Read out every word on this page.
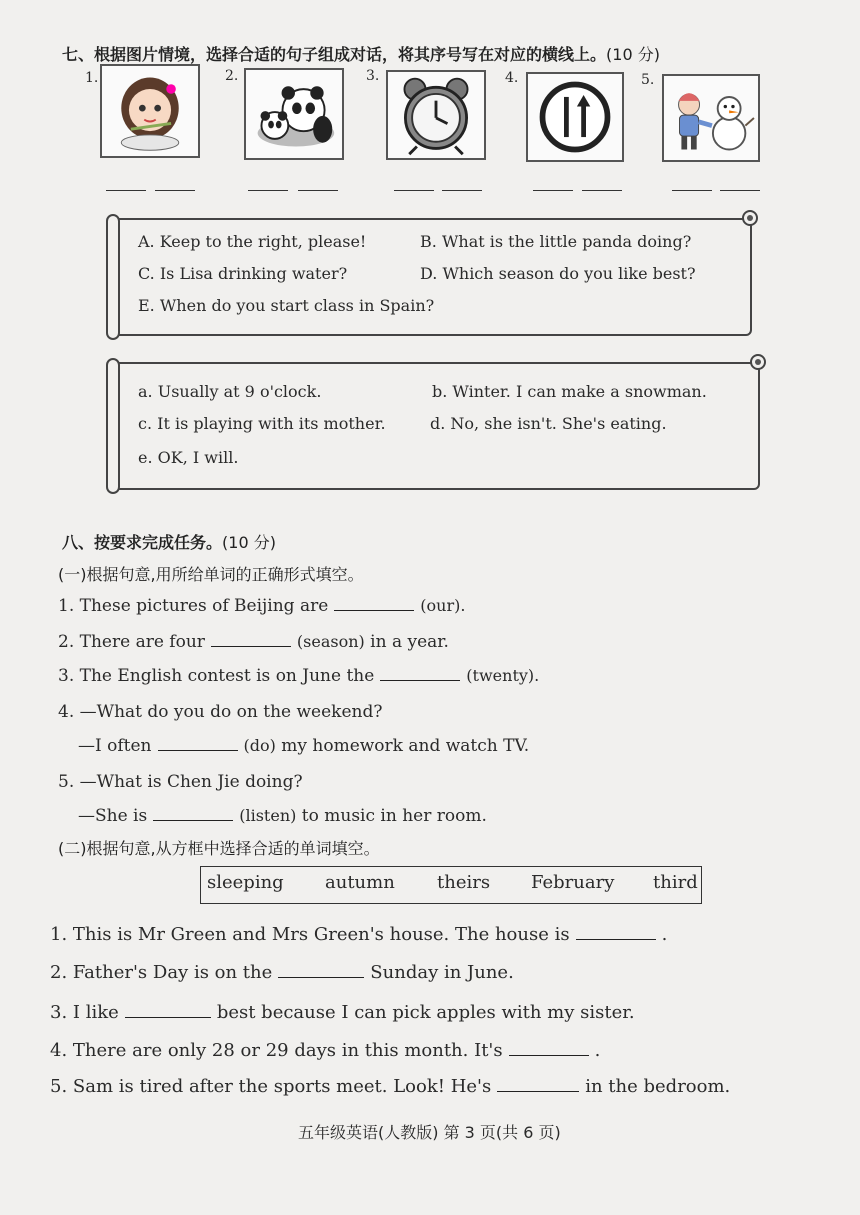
七、根据图片情境，选择合适的句子组成对话，将其序号写在对应的横线上。(10 分)
1.	2.	3.	4.	5.
A. Keep to the right, please!	B. What is the little panda doing?
C. Is Lisa drinking water?	D. Which season do you like best?
E. When do you start class in Spain?
a. Usually at 9 o'clock.	b. Winter. I can make a snowman.
c. It is playing with its mother.	d. No, she isn't. She's eating.
e. OK, I will.
八、按要求完成任务。(10 分)
(一)根据句意,用所给单词的正确形式填空。
1. These pictures of Beijing are	(our).
2. There are four	(season) in a year.
3. The English contest is on June the	(twenty).
4. —What do you do on the weekend?
—I often	(do) my homework and watch TV.
5. —What is Chen Jie doing?
—She is	(listen) to music in her room.
(二)根据句意,从方框中选择合适的单词填空。
sleeping autumn theirs February third
1. This is Mr Green and Mrs Green's house. The house is	.
2. Father's Day is on the	Sunday in June.
3. I like	best because I can pick apples with my sister.
4. There are only 28 or 29 days in this month. It's	.
5. Sam is tired after the sports meet. Look! He's	in the bedroom.
五年级英语(人教版) 第 3 页(共 6 页)
